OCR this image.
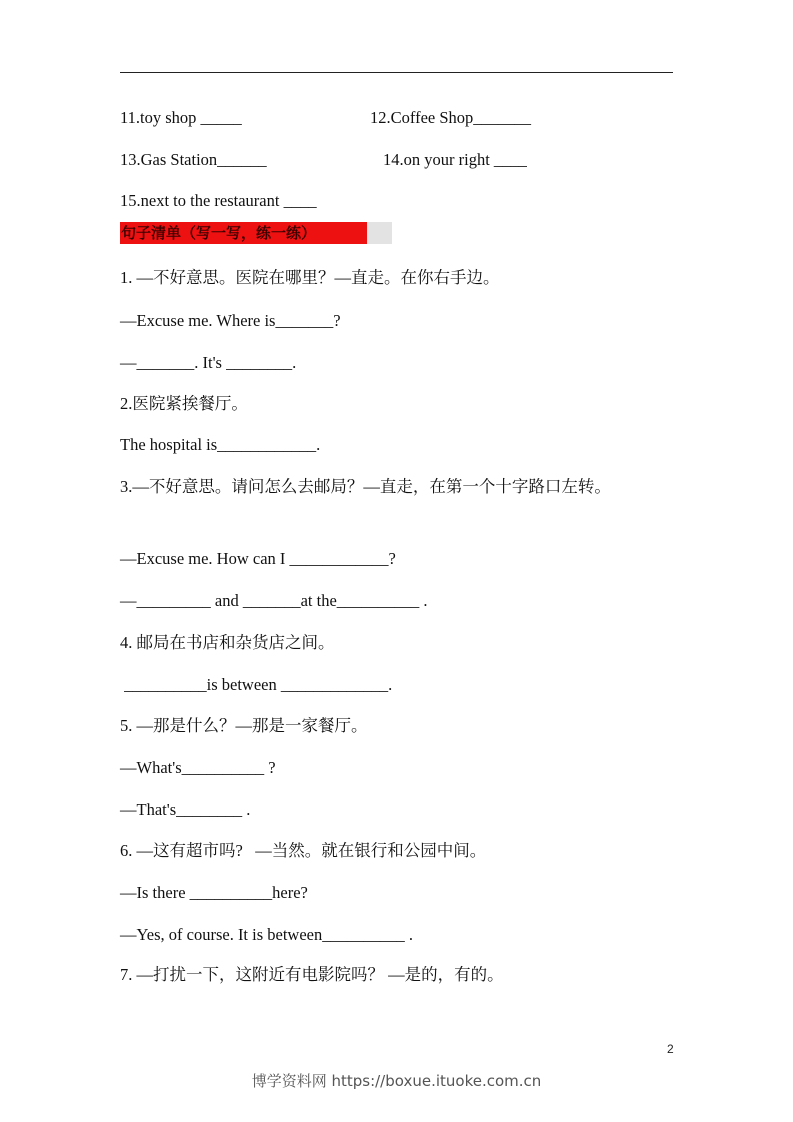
11.toy shop _____	12.Coffee Shop_______
13.Gas Station______	14.on your right ____
15.next to the restaurant ____
句子清单（写一写，练一练）
1. —不好意思。医院在哪里？—直走。在你右手边。
—Excuse me. Where is_______?
—_______. It's ________.
2.医院紧挨餐厅。
The hospital is____________.
3.—不好意思。请问怎么去邮局？—直走，在第一个十字路口左转。
—Excuse me. How can I ____________?
—_________ and _______at the__________ .
4. 邮局在书店和杂货店之间。
__________is between _____________.
5. —那是什么？—那是一家餐厅。
—What's__________ ?
—That's________ .
6. —这有超市吗?   —当然。就在银行和公园中间。
—Is there __________here?
—Yes, of course. It is between__________ .
7. —打扰一下，这附近有电影院吗？ —是的，有的。
2
博学资料网 https://boxue.ituoke.com.cn
